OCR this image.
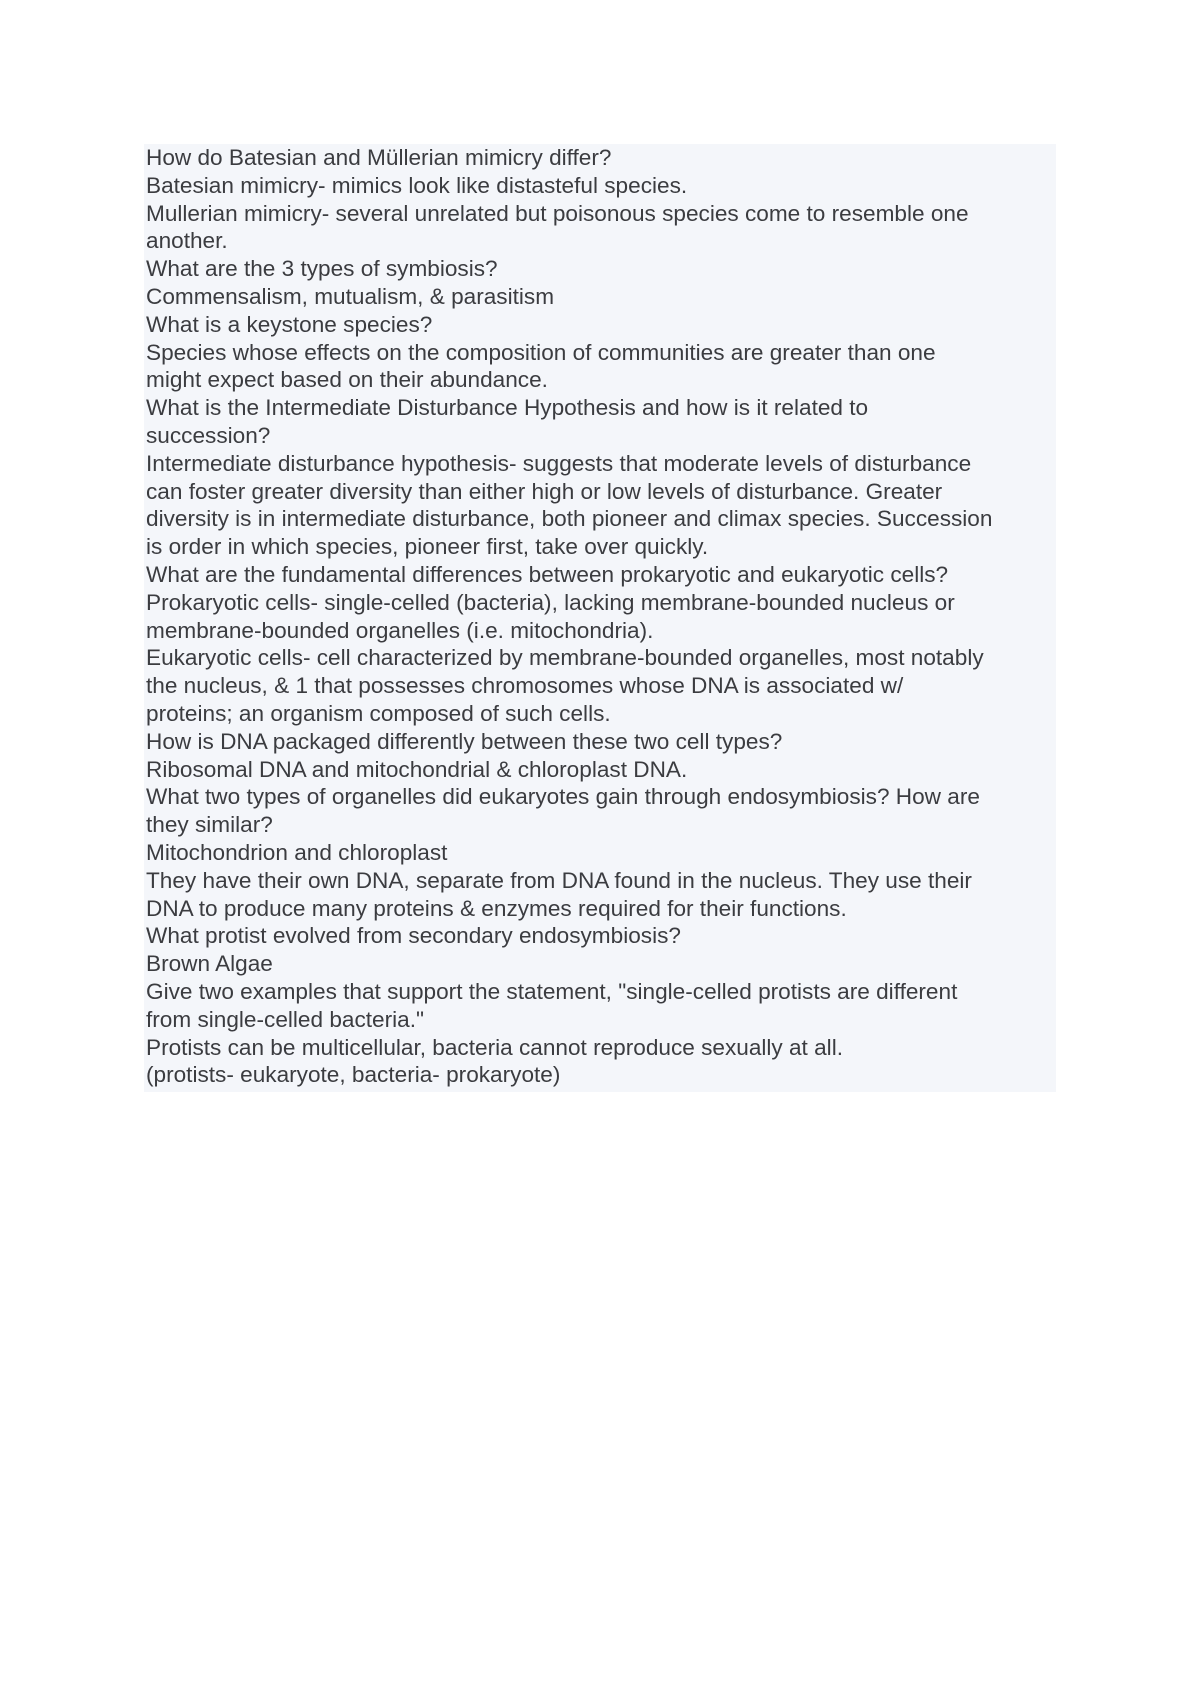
How do Batesian and Müllerian mimicry differ?
Batesian mimicry- mimics look like distasteful species.
Mullerian mimicry- several unrelated but poisonous species come to resemble one
another.
What are the 3 types of symbiosis?
Commensalism, mutualism, & parasitism
What is a keystone species?
Species whose effects on the composition of communities are greater than one
might expect based on their abundance.
What is the Intermediate Disturbance Hypothesis and how is it related to
succession?
Intermediate disturbance hypothesis- suggests that moderate levels of disturbance
can foster greater diversity than either high or low levels of disturbance. Greater
diversity is in intermediate disturbance, both pioneer and climax species. Succession
is order in which species, pioneer first, take over quickly.
What are the fundamental differences between prokaryotic and eukaryotic cells?
Prokaryotic cells- single-celled (bacteria), lacking membrane-bounded nucleus or
membrane-bounded organelles (i.e. mitochondria).
Eukaryotic cells- cell characterized by membrane-bounded organelles, most notably
the nucleus, & 1 that possesses chromosomes whose DNA is associated w/
proteins; an organism composed of such cells.
How is DNA packaged differently between these two cell types?
Ribosomal DNA and mitochondrial & chloroplast DNA.
What two types of organelles did eukaryotes gain through endosymbiosis? How are
they similar?
Mitochondrion and chloroplast
They have their own DNA, separate from DNA found in the nucleus. They use their
DNA to produce many proteins & enzymes required for their functions.
What protist evolved from secondary endosymbiosis?
Brown Algae
Give two examples that support the statement, "single-celled protists are different
from single-celled bacteria."
Protists can be multicellular, bacteria cannot reproduce sexually at all.
(protists- eukaryote, bacteria- prokaryote)
